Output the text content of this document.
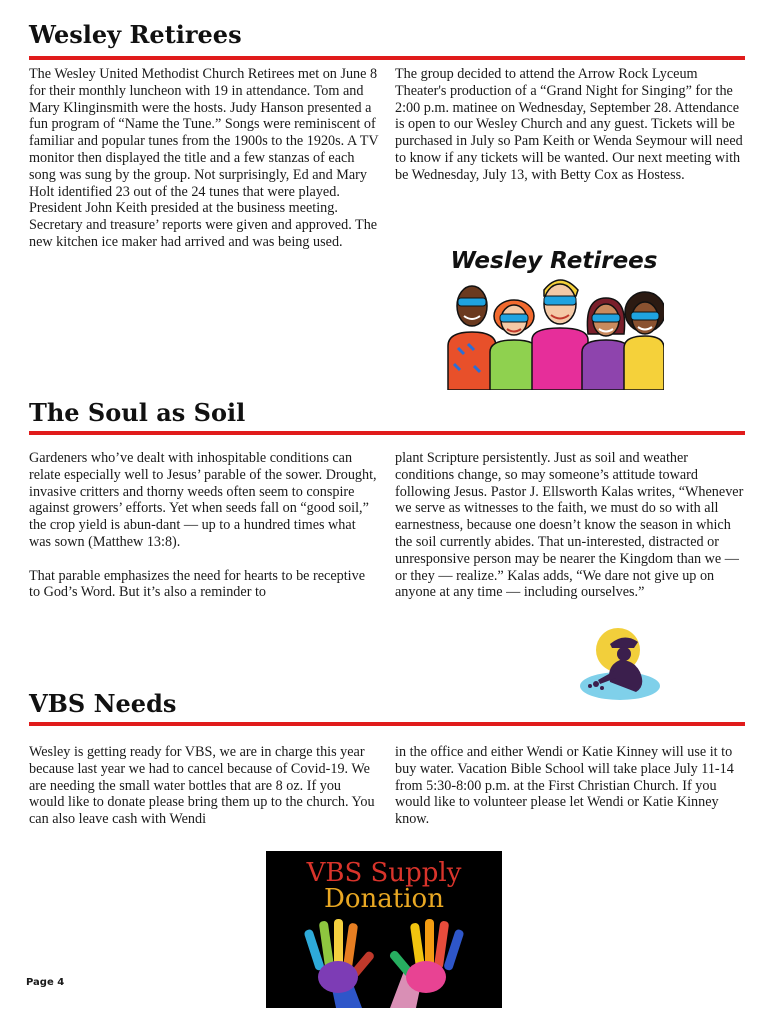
Wesley Retirees

The Wesley United Methodist Church Retirees met on June 8 for their monthly luncheon with 19 in attendance. Tom and Mary Klinginsmith were the hosts. Judy Hanson presented a fun program of “Name the Tune.” Songs were reminiscent of familiar and popular tunes from the 1900s to the 1920s. A TV monitor then displayed the title and a few stanzas of each song was sung by the group. Not surprisingly, Ed and Mary Holt identified 23 out of the 24 tunes that were played. President John Keith presided at the business meeting. Secretary and treasure’ reports were given and approved. The new kitchen ice maker had arrived and was being used.

The group decided to attend the Arrow Rock Lyceum Theater's production of a “Grand Night for Singing” for the 2:00 p.m. matinee on Wednesday, September 28. Attendance is open to our Wesley Church and any guest. Tickets will be purchased in July so Pam Keith or Wenda Seymour will need to know if any tickets will be wanted. Our next meeting with be Wednesday, July 13, with Betty Cox as Hostess.

Wesley Retirees
The Soul as Soil

Gardeners who’ve dealt with inhospitable conditions can relate especially well to Jesus’ parable of the sower. Drought, invasive critters and thorny weeds often seem to conspire against growers’ efforts. Yet when seeds fall on “good soil,” the crop yield is abun-dant — up to a hundred times what was sown (Matthew 13:8).

That parable emphasizes the need for hearts to be receptive to God’s Word. But it’s also a reminder to

plant Scripture persistently. Just as soil and weather conditions change, so may someone’s attitude toward following Jesus. Pastor J. Ellsworth Kalas writes, “Whenever we serve as witnesses to the faith, we must do so with all earnestness, because one doesn’t know the season in which the soil currently abides. That un-interested, distracted or unresponsive person may be nearer the Kingdom than we — or they — realize.” Kalas adds, “We dare not give up on anyone at any time — including ourselves.”

VBS Needs

Wesley is getting ready for VBS, we are in charge this year because last year we had to cancel because of Covid-19. We are needing the small water bottles that are 8 oz. If you would like to donate please bring them up to the church. You can also leave cash with Wendi

in the office and either Wendi or Katie Kinney will use it to buy water. Vacation Bible School will take place July 11-14 from 5:30-8:00 p.m. at the First Christian Church. If you would like to volunteer please let Wendi or Katie Kinney know.

VBS Supply
Donation
Page 4
